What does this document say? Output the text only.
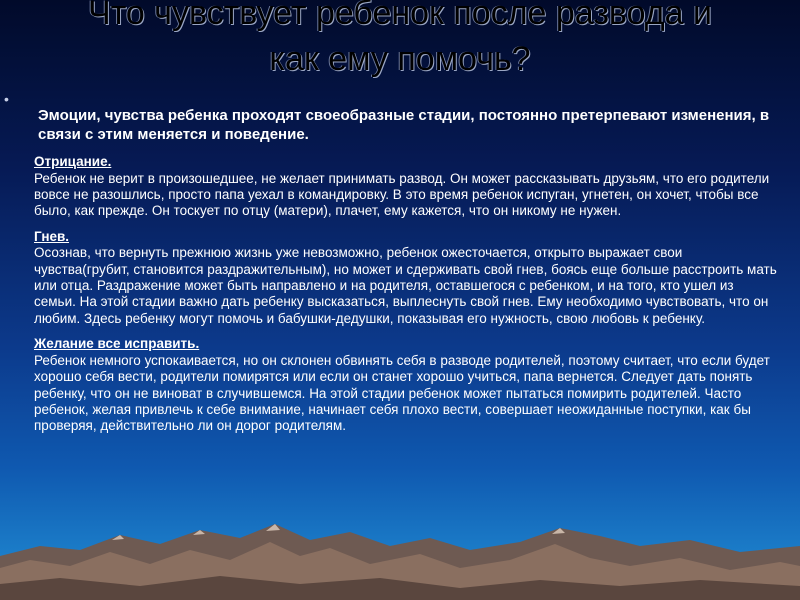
Что чувствует ребенок после развода и
как ему помочь?
•
Эмоции, чувства ребенка проходят своеобразные стадии, постоянно претерпевают изменения, в связи с этим меняется и поведение.
Отрицание.
Ребенок не верит в произошедшее, не желает принимать развод. Он может рассказывать друзьям, что его родители вовсе не разошлись, просто папа уехал в командировку. В это время ребенок испуган, угнетен, он хочет, чтобы все было, как прежде. Он тоскует по отцу (матери), плачет, ему кажется, что он никому не нужен.
Гнев.
Осознав, что вернуть прежнюю жизнь уже невозможно, ребенок ожесточается, открыто выражает свои чувства(грубит, становится раздражительным), но может и сдерживать свой гнев, боясь еще больше расстроить мать или отца. Раздражение может быть направлено и на родителя, оставшегося с ребенком, и на того, кто ушел из семьи. На этой стадии важно дать ребенку высказаться, выплеснуть свой гнев. Ему необходимо чувствовать, что он любим. Здесь ребенку могут помочь и бабушки-дедушки, показывая его нужность, свою любовь к ребенку.
Желание все исправить.
Ребенок немного успокаивается, но он склонен обвинять себя в разводе родителей, поэтому считает, что если будет хорошо себя вести, родители помирятся или если он станет хорошо учиться, папа вернется. Следует дать понять ребенку, что он не виноват в случившемся. На этой стадии ребенок может пытаться помирить родителей. Часто ребенок, желая привлечь к себе внимание, начинает себя плохо вести, совершает неожиданные поступки, как бы проверяя, действительно ли он дорог родителям.
